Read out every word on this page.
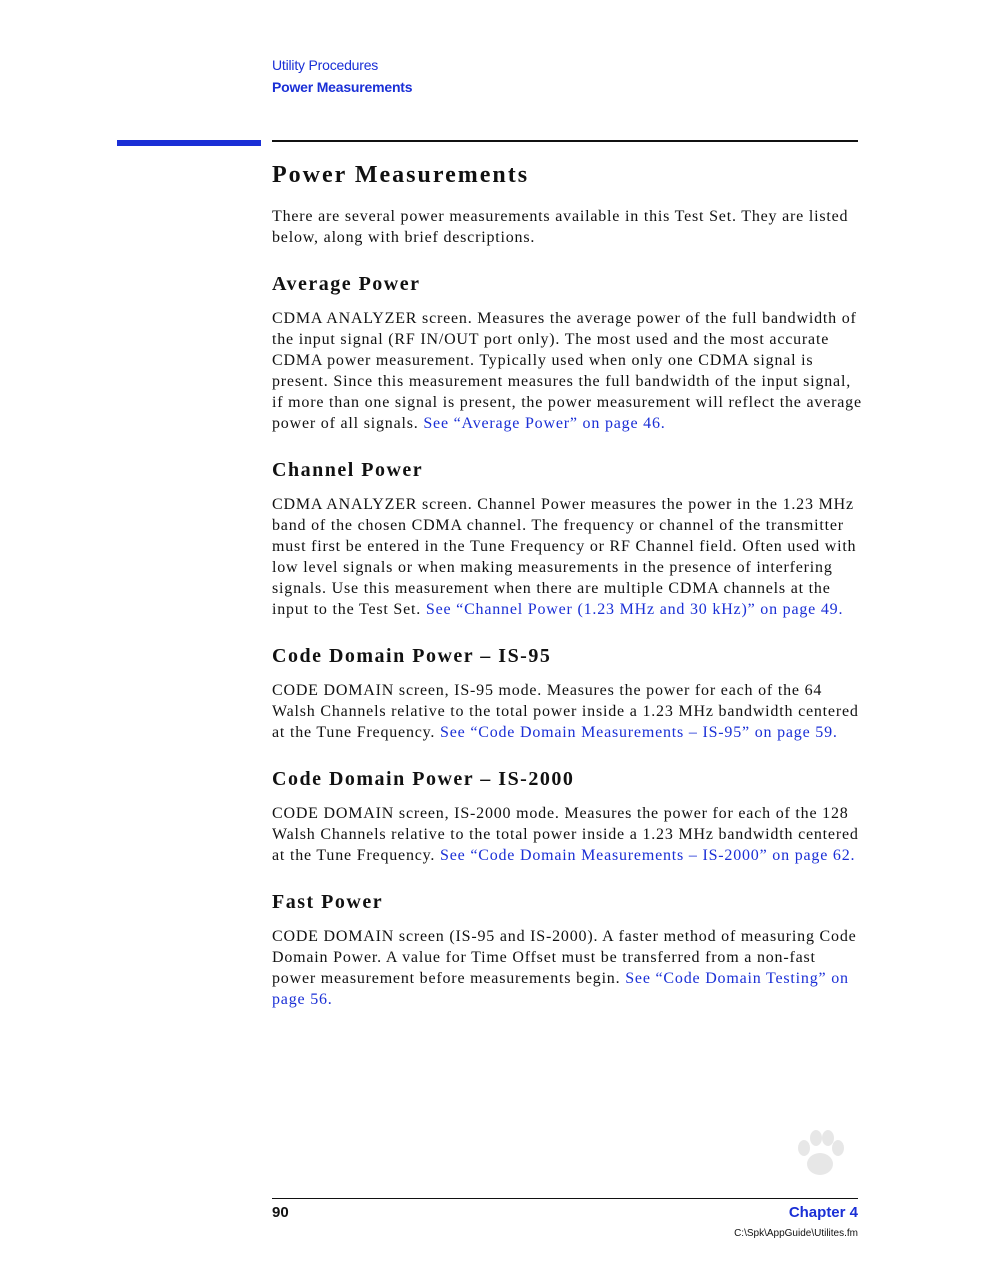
Utility Procedures
Power Measurements
Power Measurements

There are several power measurements available in this Test Set. They are listed below, along with brief descriptions.

Average Power

CDMA ANALYZER screen. Measures the average power of the full bandwidth of the input signal (RF IN/OUT port only). The most used and the most accurate CDMA power measurement. Typically used when only one CDMA signal is present. Since this measurement measures the full bandwidth of the input signal, if more than one signal is present, the power measurement will reflect the average power of all signals. See “Average Power” on page 46.

Channel Power

CDMA ANALYZER screen. Channel Power measures the power in the 1.23 MHz band of the chosen CDMA channel. The frequency or channel of the transmitter must first be entered in the Tune Frequency or RF Channel field. Often used with low level signals or when making measurements in the presence of interfering signals. Use this measurement when there are multiple CDMA channels at the input to the Test Set. See “Channel Power (1.23 MHz and 30 kHz)” on page 49.

Code Domain Power – IS-95

CODE DOMAIN screen, IS-95 mode. Measures the power for each of the 64 Walsh Channels relative to the total power inside a 1.23 MHz bandwidth centered at the Tune Frequency. See “Code Domain Measurements – IS-95” on page 59.

Code Domain Power – IS-2000

CODE DOMAIN screen, IS-2000 mode. Measures the power for each of the 128 Walsh Channels relative to the total power inside a 1.23 MHz bandwidth centered at the Tune Frequency. See “Code Domain Measurements – IS-2000” on page 62.

Fast Power

CODE DOMAIN screen (IS-95 and IS-2000). A faster method of measuring Code Domain Power. A value for Time Offset must be transferred from a non-fast power measurement before measurements begin. See “Code Domain Testing” on page 56.

90	Chapter 4
C:\Spk\AppGuide\Utilites.fm
